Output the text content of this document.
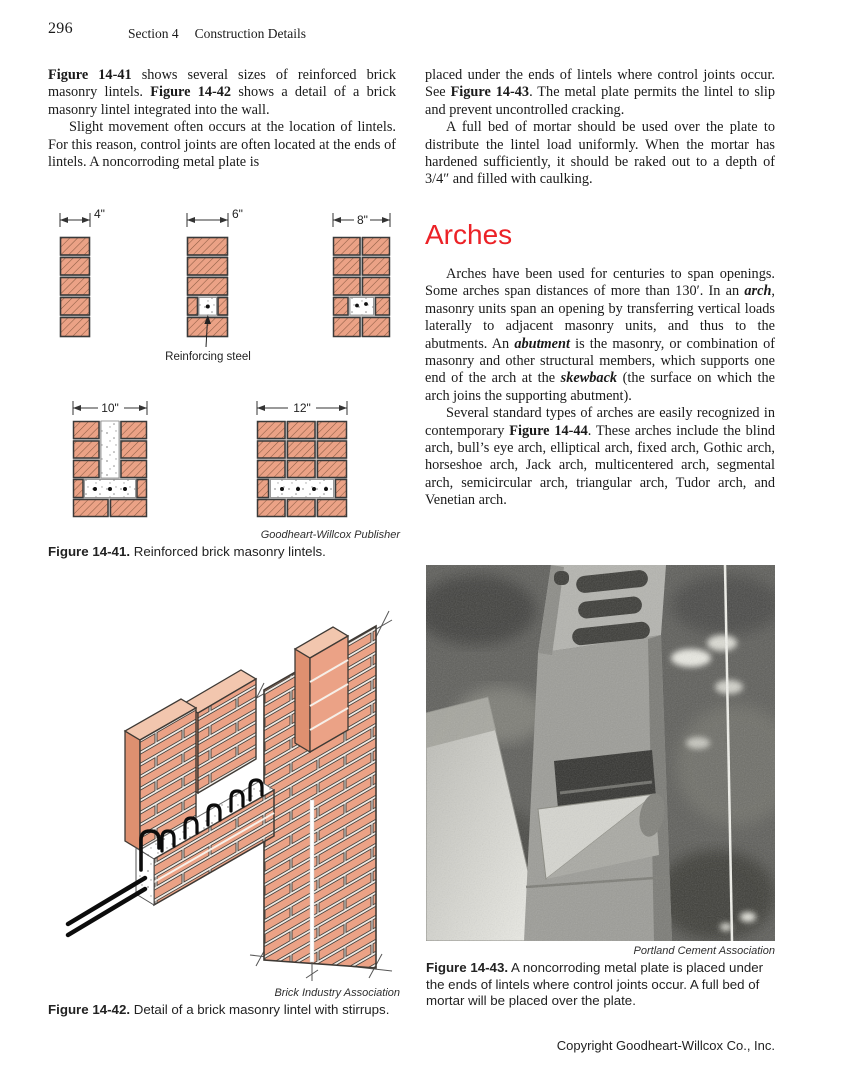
296	Section 4 Construction Details

Figure 14-41 shows several sizes of reinforced brick masonry lintels. Figure 14-42 shows a detail of a brick masonry lintel integrated into the wall.

Slight movement often occurs at the location of lintels. For this reason, control joints are often located at the ends of lintels. A noncorroding metal plate is

placed under the ends of lintels where control joints occur. See Figure 14-43. The metal plate permits the lintel to slip and prevent uncontrolled cracking.

A full bed of mortar should be used over the plate to distribute the lintel load uniformly. When the mortar has hardened sufficiently, it should be raked out to a depth of 3/4″ and filled with caulking.

Arches

Arches have been used for centuries to span openings. Some arches span distances of more than 130′. In an arch, masonry units span an opening by transferring vertical loads laterally to adjacent masonry units, and thus to the abutments. An abutment is the masonry, or combination of masonry and other structural members, which supports one end of the arch at the skewback (the surface on which the arch joins the supporting abutment).

Several standard types of arches are easily recognized in contemporary Figure 14-44. These arches include the blind arch, bull’s eye arch, elliptical arch, fixed arch, Gothic arch, horseshoe arch, Jack arch, multicentered arch, segmental arch, semicircular arch, triangular arch, Tudor arch, and Venetian arch.

4"	6"	8"
Reinforcing steel
10"	12"
Goodheart-Willcox Publisher

Figure 14-41. Reinforced brick masonry lintels.

Brick Industry Association

Figure 14-42. Detail of a brick masonry lintel with stirrups.

Portland Cement Association

Figure 14-43. A noncorroding metal plate is placed under the ends of lintels where control joints occur. A full bed of mortar will be placed over the plate.

Copyright Goodheart-Willcox Co., Inc.
